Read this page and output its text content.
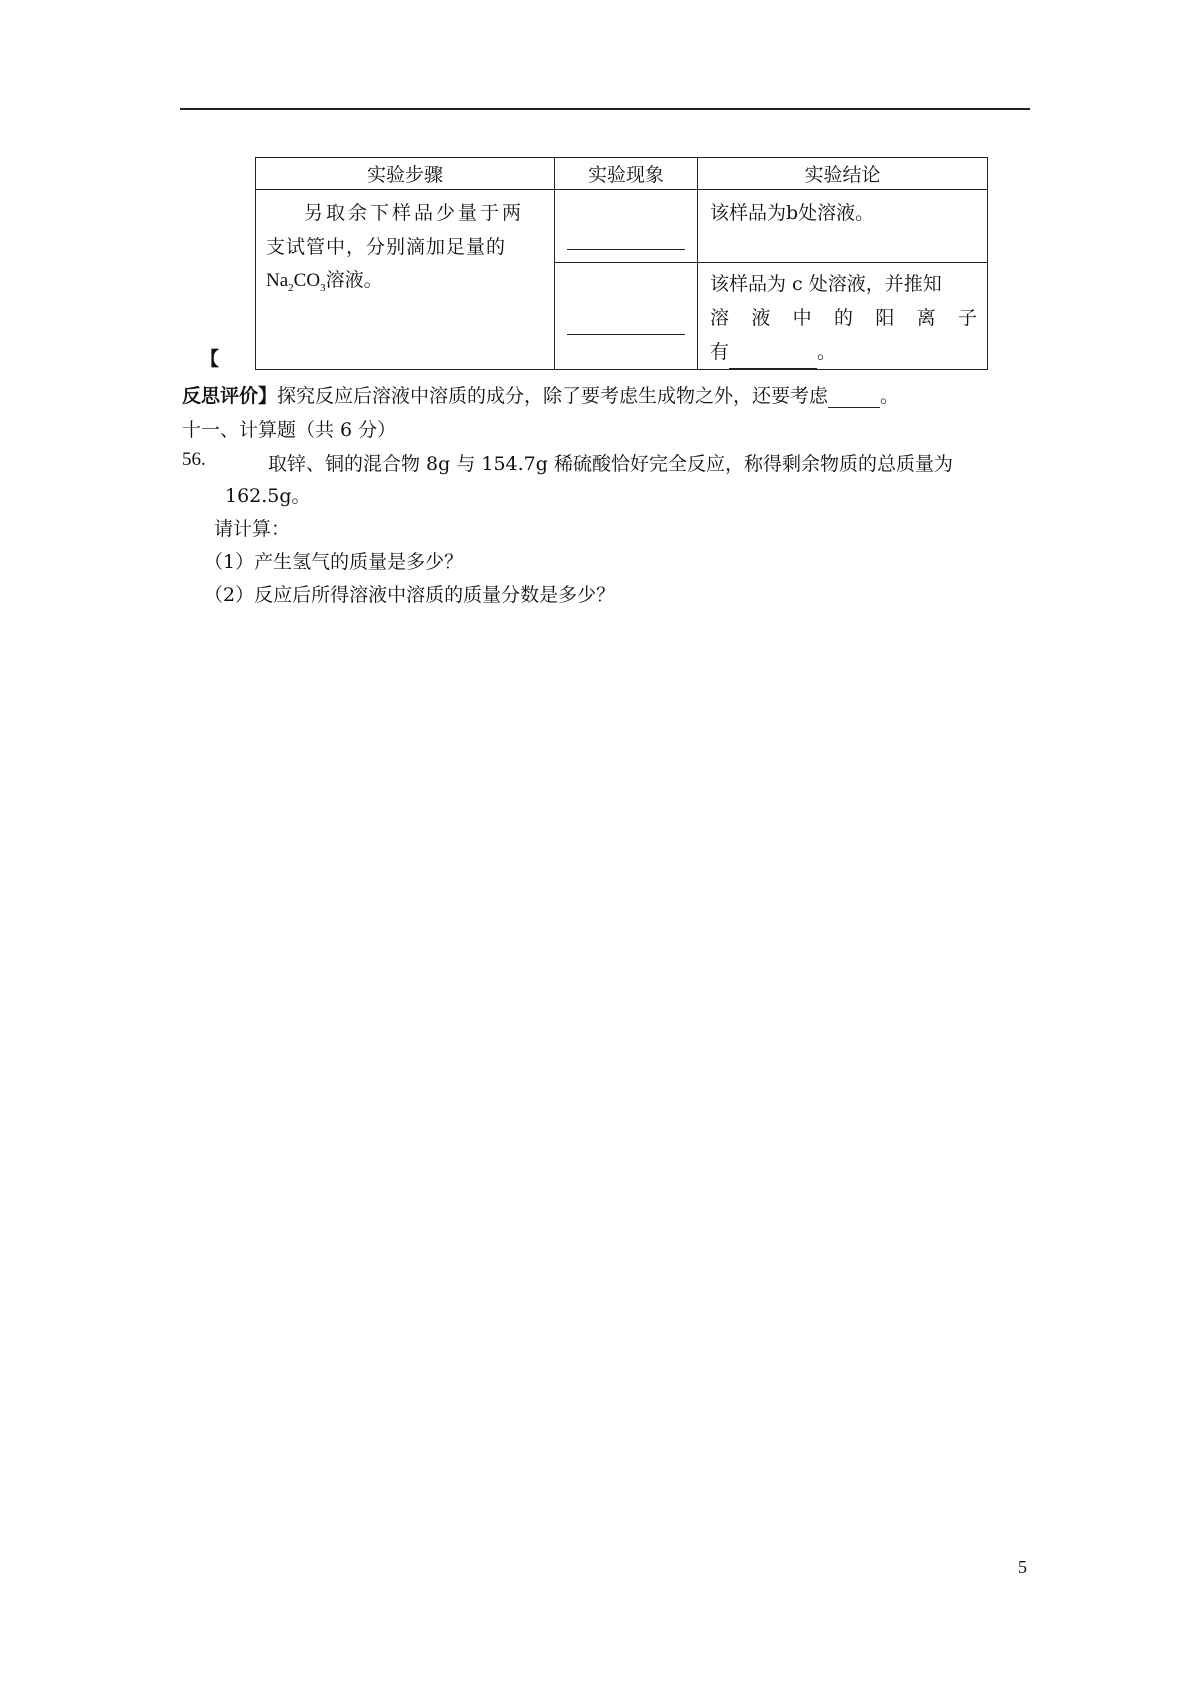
实验步骤	实验现象	实验结论

另取余下样品少量于两
支试管中，分别滴加足量的
$Na_2CO_3$溶液。		该样品为b处溶液。

		该样品为 c 处溶液，并推知
溶 液 中 的 阳 离 子
有 。
【
反思评价】探究反应后溶液中溶质的成分，除了要考虑生成物之外，还要考虑	。
十一、计算题（共 6 分）
56.	取锌、铜的混合物 8g 与 154.7g 稀硫酸恰好完全反应，称得剩余物质的总质量为
162.5g。
请计算：
（1）产生氢气的质量是多少？
（2）反应后所得溶液中溶质的质量分数是多少？
5
